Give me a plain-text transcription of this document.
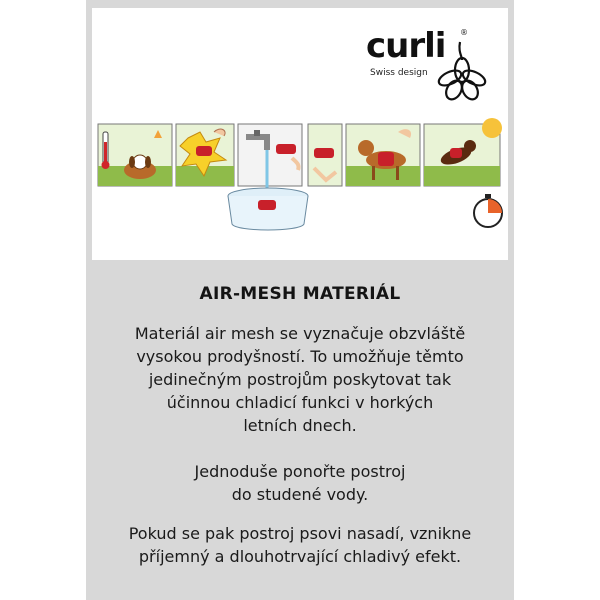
curli ®
Swiss design
AIR-MESH MATERIÁL
Materiál air mesh se vyznačuje obzvláště
vysokou prodyšností. To umožňuje těmto
jedinečným postrojům poskytovat tak
účinnou chladicí funkci v horkých
letních dnech.
Jednoduše ponořte postroj
do studené vody.
Pokud se pak postroj psovi nasadí, vznikne
příjemný a dlouhotrvající chladivý efekt.
